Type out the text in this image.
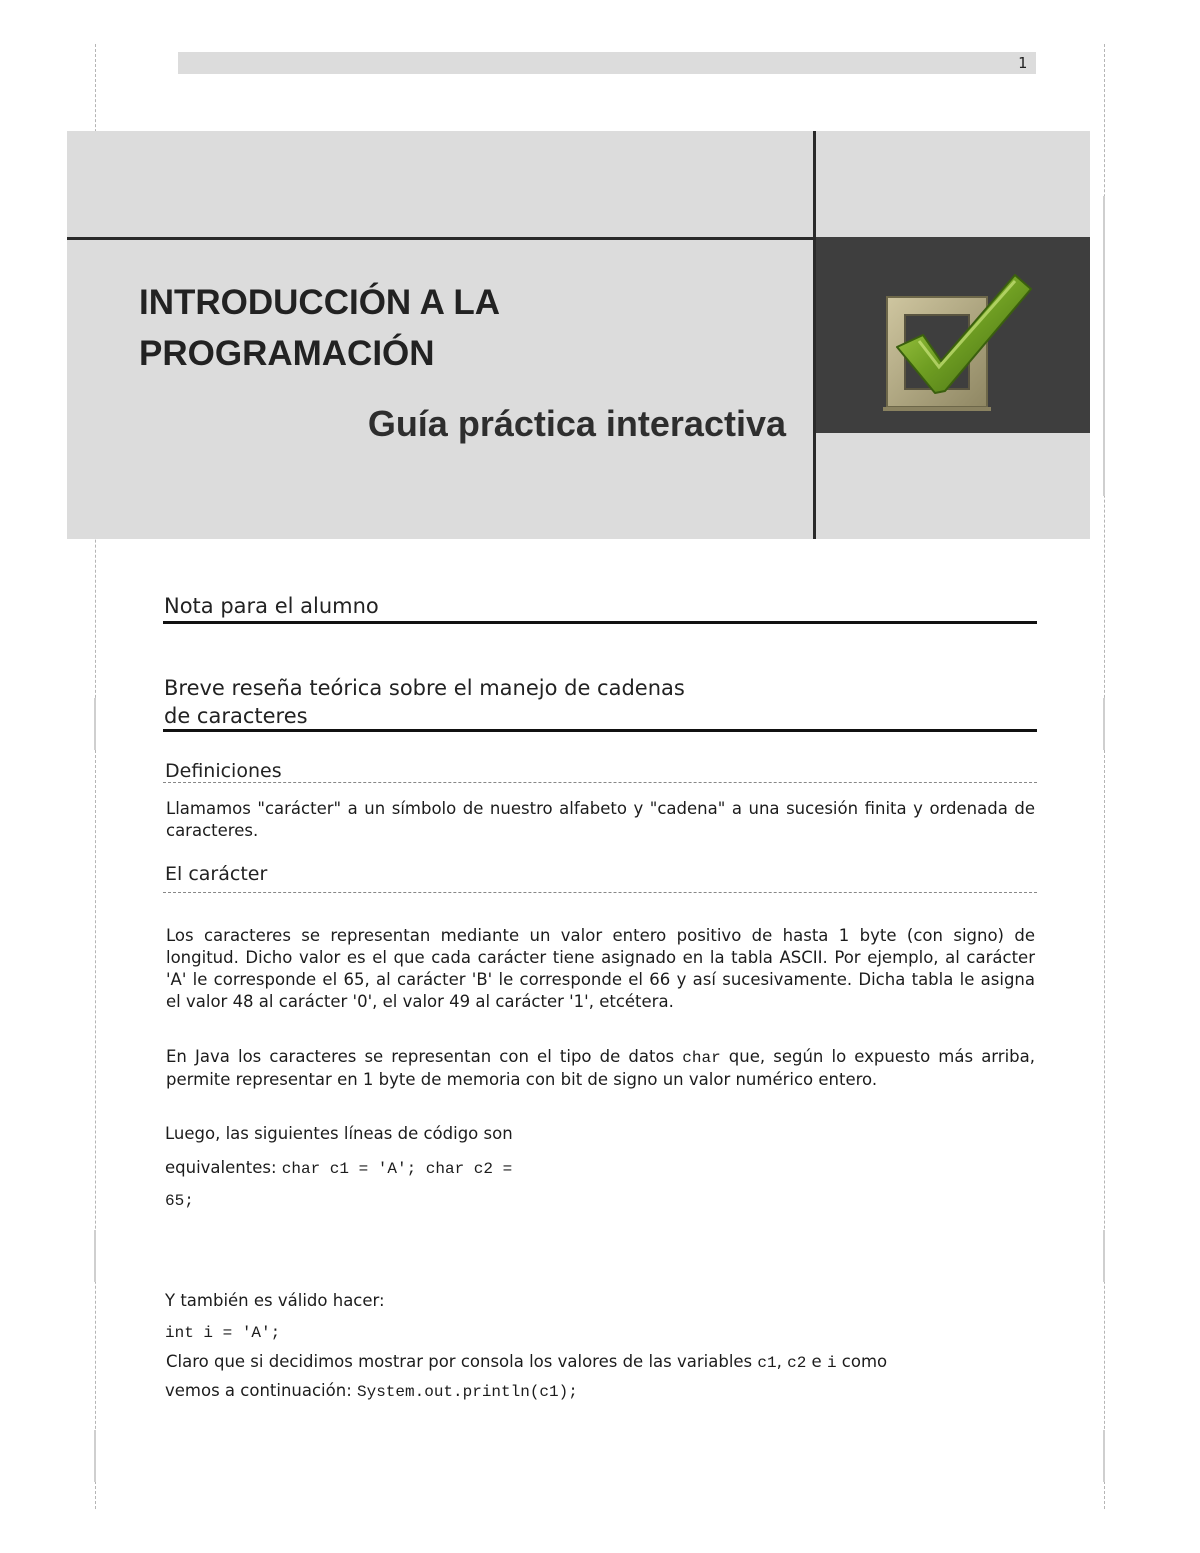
1
INTRODUCCIÓN A LA
PROGRAMACIÓN
Guía práctica interactiva
Nota para el alumno
Breve reseña teórica sobre el manejo de cadenas
de caracteres
Definiciones

Llamamos "carácter" a un símbolo de nuestro alfabeto y "cadena" a una sucesión finita y ordenada de caracteres.

El carácter

Los caracteres se representan mediante un valor entero positivo de hasta 1 byte (con signo) de longitud. Dicho valor es el que cada carácter tiene asignado en la tabla ASCII. Por ejemplo, al carácter 'A' le corresponde el 65, al carácter 'B' le corresponde el 66 y así sucesivamente. Dicha tabla le asigna el valor 48 al carácter '0', el valor 49 al carácter '1', etcétera.

En Java los caracteres se representan con el tipo de datos char que, según lo expuesto más arriba, permite representar en 1 byte de memoria con bit de signo un valor numérico entero.

Luego, las siguientes líneas de código son

equivalentes: char c1 = 'A'; char c2 =

65;

Y también es válido hacer:

int i = 'A';

Claro que si decidimos mostrar por consola los valores de las variables c1, c2 e i como

vemos a continuación: System.out.println(c1);
